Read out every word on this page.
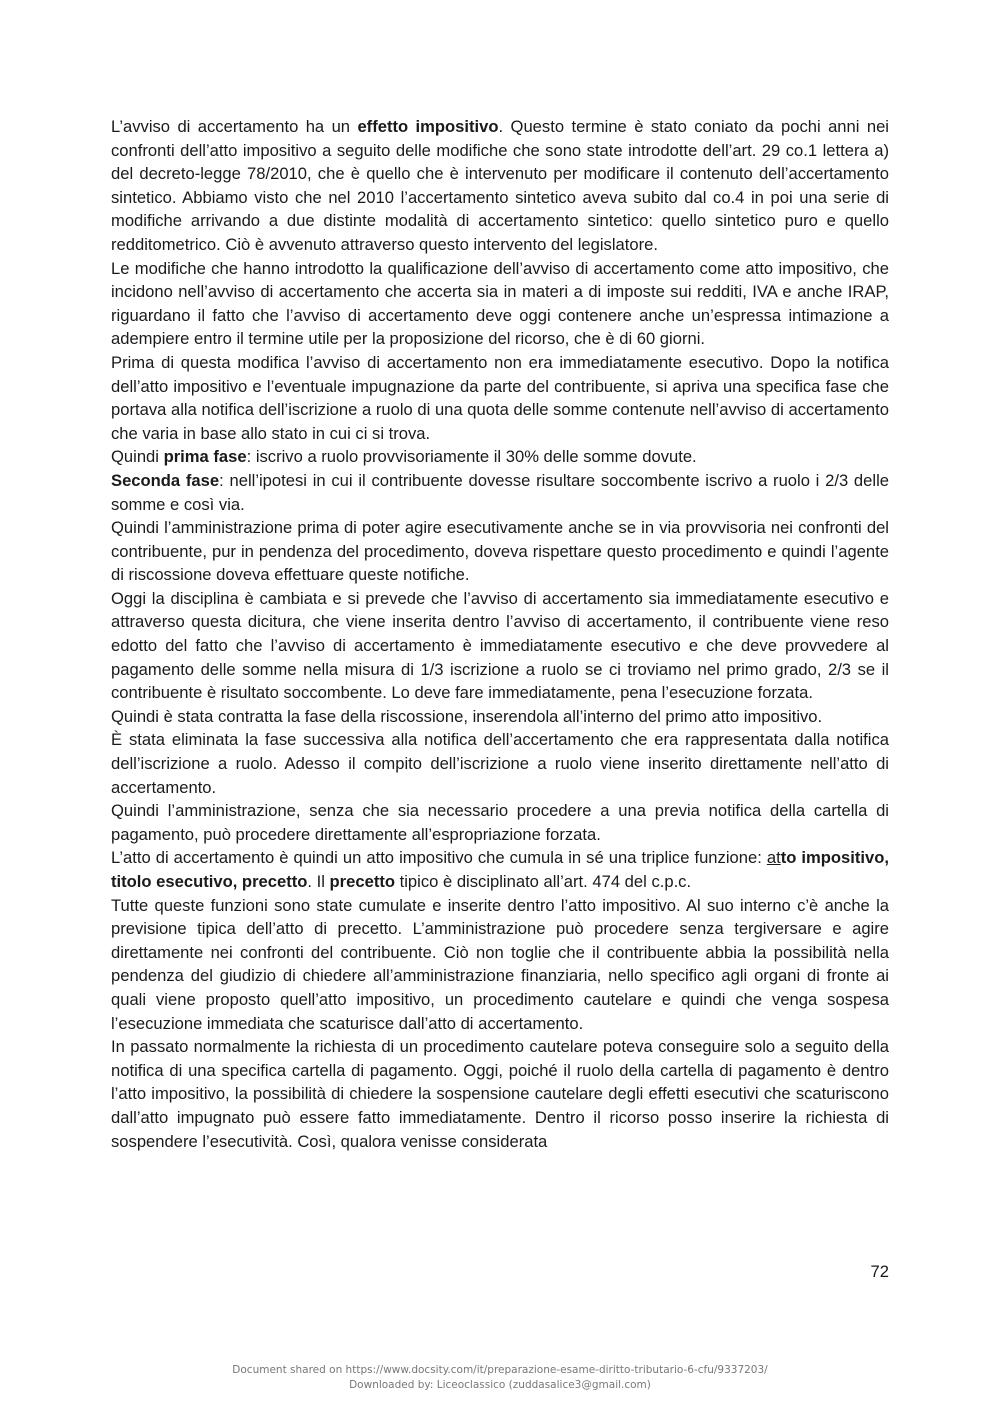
L’avviso di accertamento ha un effetto impositivo. Questo termine è stato coniato da pochi anni nei confronti dell’atto impositivo a seguito delle modifiche che sono state introdotte dell’art. 29 co.1 lettera a) del decreto-legge 78/2010, che è quello che è intervenuto per modificare il contenuto dell’accertamento sintetico. Abbiamo visto che nel 2010 l’accertamento sintetico aveva subito dal co.4 in poi una serie di modifiche arrivando a due distinte modalità di accertamento sintetico: quello sintetico puro e quello redditometrico. Ciò è avvenuto attraverso questo intervento del legislatore.

Le modifiche che hanno introdotto la qualificazione dell’avviso di accertamento come atto impositivo, che incidono nell’avviso di accertamento che accerta sia in materi a di imposte sui redditi, IVA e anche IRAP, riguardano il fatto che l’avviso di accertamento deve oggi contenere anche un’espressa intimazione a adempiere entro il termine utile per la proposizione del ricorso, che è di 60 giorni.

Prima di questa modifica l’avviso di accertamento non era immediatamente esecutivo. Dopo la notifica dell’atto impositivo e l’eventuale impugnazione da parte del contribuente, si apriva una specifica fase che portava alla notifica dell’iscrizione a ruolo di una quota delle somme contenute nell’avviso di accertamento che varia in base allo stato in cui ci si trova.

Quindi prima fase: iscrivo a ruolo provvisoriamente il 30% delle somme dovute.

Seconda fase: nell’ipotesi in cui il contribuente dovesse risultare soccombente iscrivo a ruolo i 2/3 delle somme e così via.

Quindi l’amministrazione prima di poter agire esecutivamente anche se in via provvisoria nei confronti del contribuente, pur in pendenza del procedimento, doveva rispettare questo procedimento e quindi l’agente di riscossione doveva effettuare queste notifiche.

Oggi la disciplina è cambiata e si prevede che l’avviso di accertamento sia immediatamente esecutivo e attraverso questa dicitura, che viene inserita dentro l’avviso di accertamento, il contribuente viene reso edotto del fatto che l’avviso di accertamento è immediatamente esecutivo e che deve provvedere al pagamento delle somme nella misura di 1/3 iscrizione a ruolo se ci troviamo nel primo grado, 2/3 se il contribuente è risultato soccombente. Lo deve fare immediatamente, pena l’esecuzione forzata.

Quindi è stata contratta la fase della riscossione, inserendola all’interno del primo atto impositivo.

È stata eliminata la fase successiva alla notifica dell’accertamento che era rappresentata dalla notifica dell’iscrizione a ruolo. Adesso il compito dell’iscrizione a ruolo viene inserito direttamente nell’atto di accertamento.

Quindi l’amministrazione, senza che sia necessario procedere a una previa notifica della cartella di pagamento, può procedere direttamente all’espropriazione forzata.

L’atto di accertamento è quindi un atto impositivo che cumula in sé una triplice funzione: atto impositivo, titolo esecutivo, precetto. Il precetto tipico è disciplinato all’art. 474 del c.p.c.

Tutte queste funzioni sono state cumulate e inserite dentro l’atto impositivo. Al suo interno c’è anche la previsione tipica dell’atto di precetto. L’amministrazione può procedere senza tergiversare e agire direttamente nei confronti del contribuente. Ciò non toglie che il contribuente abbia la possibilità nella pendenza del giudizio di chiedere all’amministrazione finanziaria, nello specifico agli organi di fronte ai quali viene proposto quell’atto impositivo, un procedimento cautelare e quindi che venga sospesa l’esecuzione immediata che scaturisce dall’atto di accertamento.

In passato normalmente la richiesta di un procedimento cautelare poteva conseguire solo a seguito della notifica di una specifica cartella di pagamento. Oggi, poiché il ruolo della cartella di pagamento è dentro l’atto impositivo, la possibilità di chiedere la sospensione cautelare degli effetti esecutivi che scaturiscono dall’atto impugnato può essere fatto immediatamente. Dentro il ricorso posso inserire la richiesta di sospendere l’esecutività. Così, qualora venisse considerata

72
Document shared on https://www.docsity.com/it/preparazione-esame-diritto-tributario-6-cfu/9337203/
Downloaded by: Liceoclassico (zuddasalice3@gmail.com)
